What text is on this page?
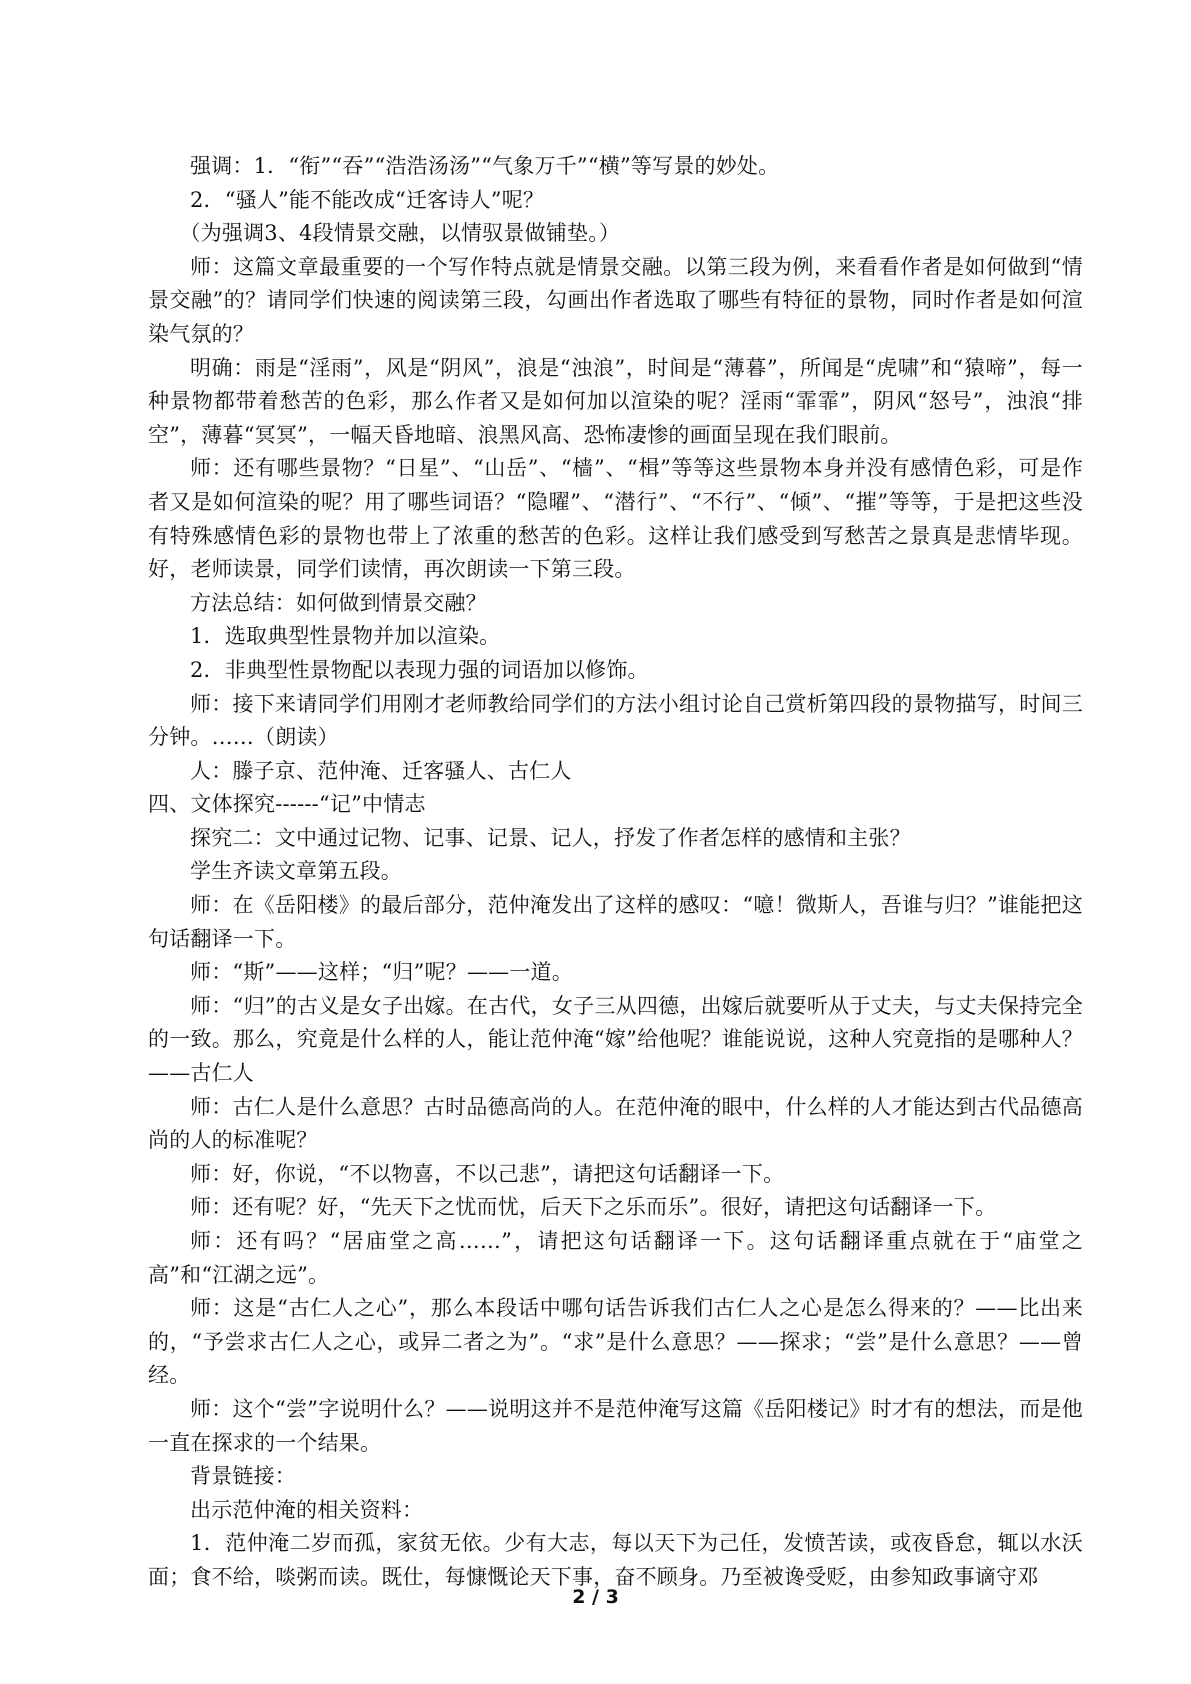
强调：1．“衔”“吞”“浩浩汤汤”“气象万千”“横”等写景的妙处。

2．“骚人”能不能改成“迁客诗人”呢？

（为强调3、4段情景交融，以情驭景做铺垫。）

师：这篇文章最重要的一个写作特点就是情景交融。以第三段为例，来看看作者是如何做到“情景交融”的？请同学们快速的阅读第三段，勾画出作者选取了哪些有特征的景物，同时作者是如何渲染气氛的？

明确：雨是“淫雨”，风是“阴风”，浪是“浊浪”，时间是“薄暮”，所闻是“虎啸”和“猿啼”，每一种景物都带着愁苦的色彩，那么作者又是如何加以渲染的呢？淫雨“霏霏”，阴风“怒号”，浊浪“排空”，薄暮“冥冥”，一幅天昏地暗、浪黑风高、恐怖凄惨的画面呈现在我们眼前。

师：还有哪些景物？“日星”、“山岳”、“樯”、“楫”等等这些景物本身并没有感情色彩，可是作者又是如何渲染的呢？用了哪些词语？“隐曜”、“潜行”、“不行”、“倾”、“摧”等等，于是把这些没有特殊感情色彩的景物也带上了浓重的愁苦的色彩。这样让我们感受到写愁苦之景真是悲情毕现。好，老师读景，同学们读情，再次朗读一下第三段。

方法总结：如何做到情景交融？

1．选取典型性景物并加以渲染。

2．非典型性景物配以表现力强的词语加以修饰。

师：接下来请同学们用刚才老师教给同学们的方法小组讨论自己赏析第四段的景物描写，时间三分钟。……（朗读）

人：滕子京、范仲淹、迁客骚人、古仁人

四、文体探究------“记”中情志

探究二：文中通过记物、记事、记景、记人，抒发了作者怎样的感情和主张？

学生齐读文章第五段。

师：在《岳阳楼》的最后部分，范仲淹发出了这样的感叹：“噫！微斯人，吾谁与归？”谁能把这句话翻译一下。

师：“斯”——这样；“归”呢？——一道。

师：“归”的古义是女子出嫁。在古代，女子三从四德，出嫁后就要听从于丈夫，与丈夫保持完全的一致。那么，究竟是什么样的人，能让范仲淹“嫁”给他呢？谁能说说，这种人究竟指的是哪种人？——古仁人

师：古仁人是什么意思？古时品德高尚的人。在范仲淹的眼中，什么样的人才能达到古代品德高尚的人的标准呢？

师：好，你说，“不以物喜，不以己悲”，请把这句话翻译一下。

师：还有呢？好，“先天下之忧而忧，后天下之乐而乐”。很好，请把这句话翻译一下。

师：还有吗？“居庙堂之高……”，请把这句话翻译一下。这句话翻译重点就在于“庙堂之高”和“江湖之远”。

师：这是“古仁人之心”，那么本段话中哪句话告诉我们古仁人之心是怎么得来的？——比出来的，“予尝求古仁人之心，或异二者之为”。“求”是什么意思？——探求；“尝”是什么意思？——曾经。

师：这个“尝”字说明什么？——说明这并不是范仲淹写这篇《岳阳楼记》时才有的想法，而是他一直在探求的一个结果。

背景链接：

出示范仲淹的相关资料：

1．范仲淹二岁而孤，家贫无依。少有大志，每以天下为己任，发愤苦读，或夜昏怠，辄以水沃面；食不给，啖粥而读。既仕，每慷慨论天下事，奋不顾身。乃至被谗受贬，由参知政事谪守邓

2 / 3
